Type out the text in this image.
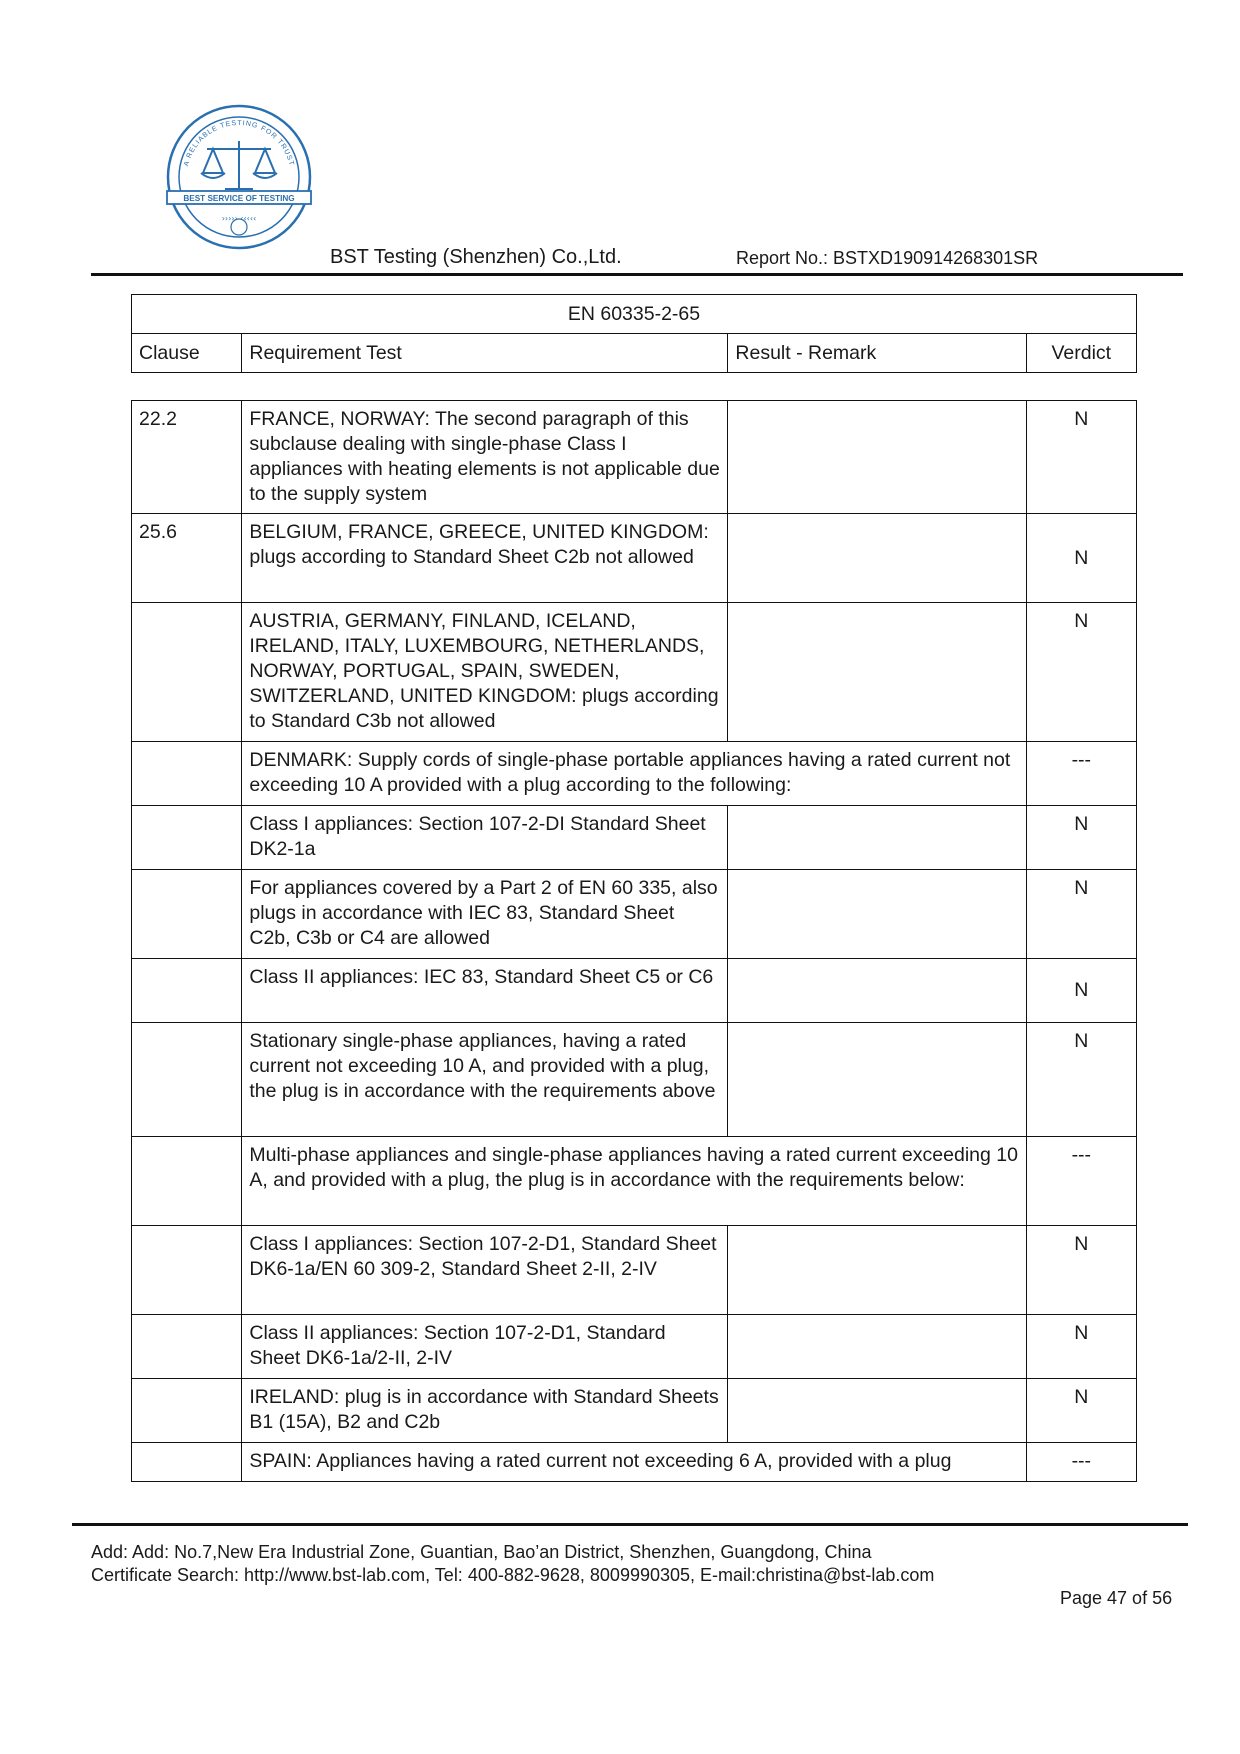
A RELIABLE TESTING FOR TRUST
BEST SERVICE OF TESTING
››››› ‹‹‹‹‹
BST Testing (Shenzhen) Co.,Ltd.	Report No.: BSTXD190914268301SR
EN 60335-2-65
Clause	Requirement Test	Result - Remark	Verdict
22.2	FRANCE, NORWAY: The second paragraph of this subclause dealing with single-phase Class I appliances with heating elements is not applicable due to the supply system		N
25.6	BELGIUM, FRANCE, GREECE, UNITED KINGDOM: plugs according to Standard Sheet C2b not allowed		N
	AUSTRIA, GERMANY, FINLAND, ICELAND, IRELAND, ITALY, LUXEMBOURG, NETHERLANDS, NORWAY, PORTUGAL, SPAIN, SWEDEN, SWITZERLAND, UNITED KINGDOM: plugs according to Standard C3b not allowed		N
	DENMARK: Supply cords of single-phase portable appliances having a rated current not exceeding 10 A provided with a plug according to the following:		---
	Class I appliances: Section 107-2-DI Standard Sheet DK2-1a		N
	For appliances covered by a Part 2 of EN 60 335, also plugs in accordance with IEC 83, Standard Sheet C2b, C3b or C4 are allowed		N
	Class II appliances: IEC 83, Standard Sheet C5 or C6		N
	Stationary single-phase appliances, having a rated current not exceeding 10 A, and provided with a plug, the plug is in accordance with the requirements above		N
	Multi-phase appliances and single-phase appliances having a rated current exceeding 10 A, and provided with a plug, the plug is in accordance with the requirements below:		---
	Class I appliances: Section 107-2-D1, Standard Sheet DK6-1a/EN 60 309-2, Standard Sheet 2-II, 2-IV		N
	Class II appliances: Section 107-2-D1, Standard Sheet DK6-1a/2-II, 2-IV		N
	IRELAND: plug is in accordance with Standard Sheets B1 (15A), B2 and C2b		N
	SPAIN: Appliances having a rated current not exceeding 6 A, provided with a plug		---
Add: Add: No.7,New Era Industrial Zone, Guantian, Bao’an District, Shenzhen, Guangdong, China
Certificate Search: http://www.bst-lab.com, Tel: 400-882-9628, 8009990305, E-mail:christina@bst-lab.com
Page 47 of 56
